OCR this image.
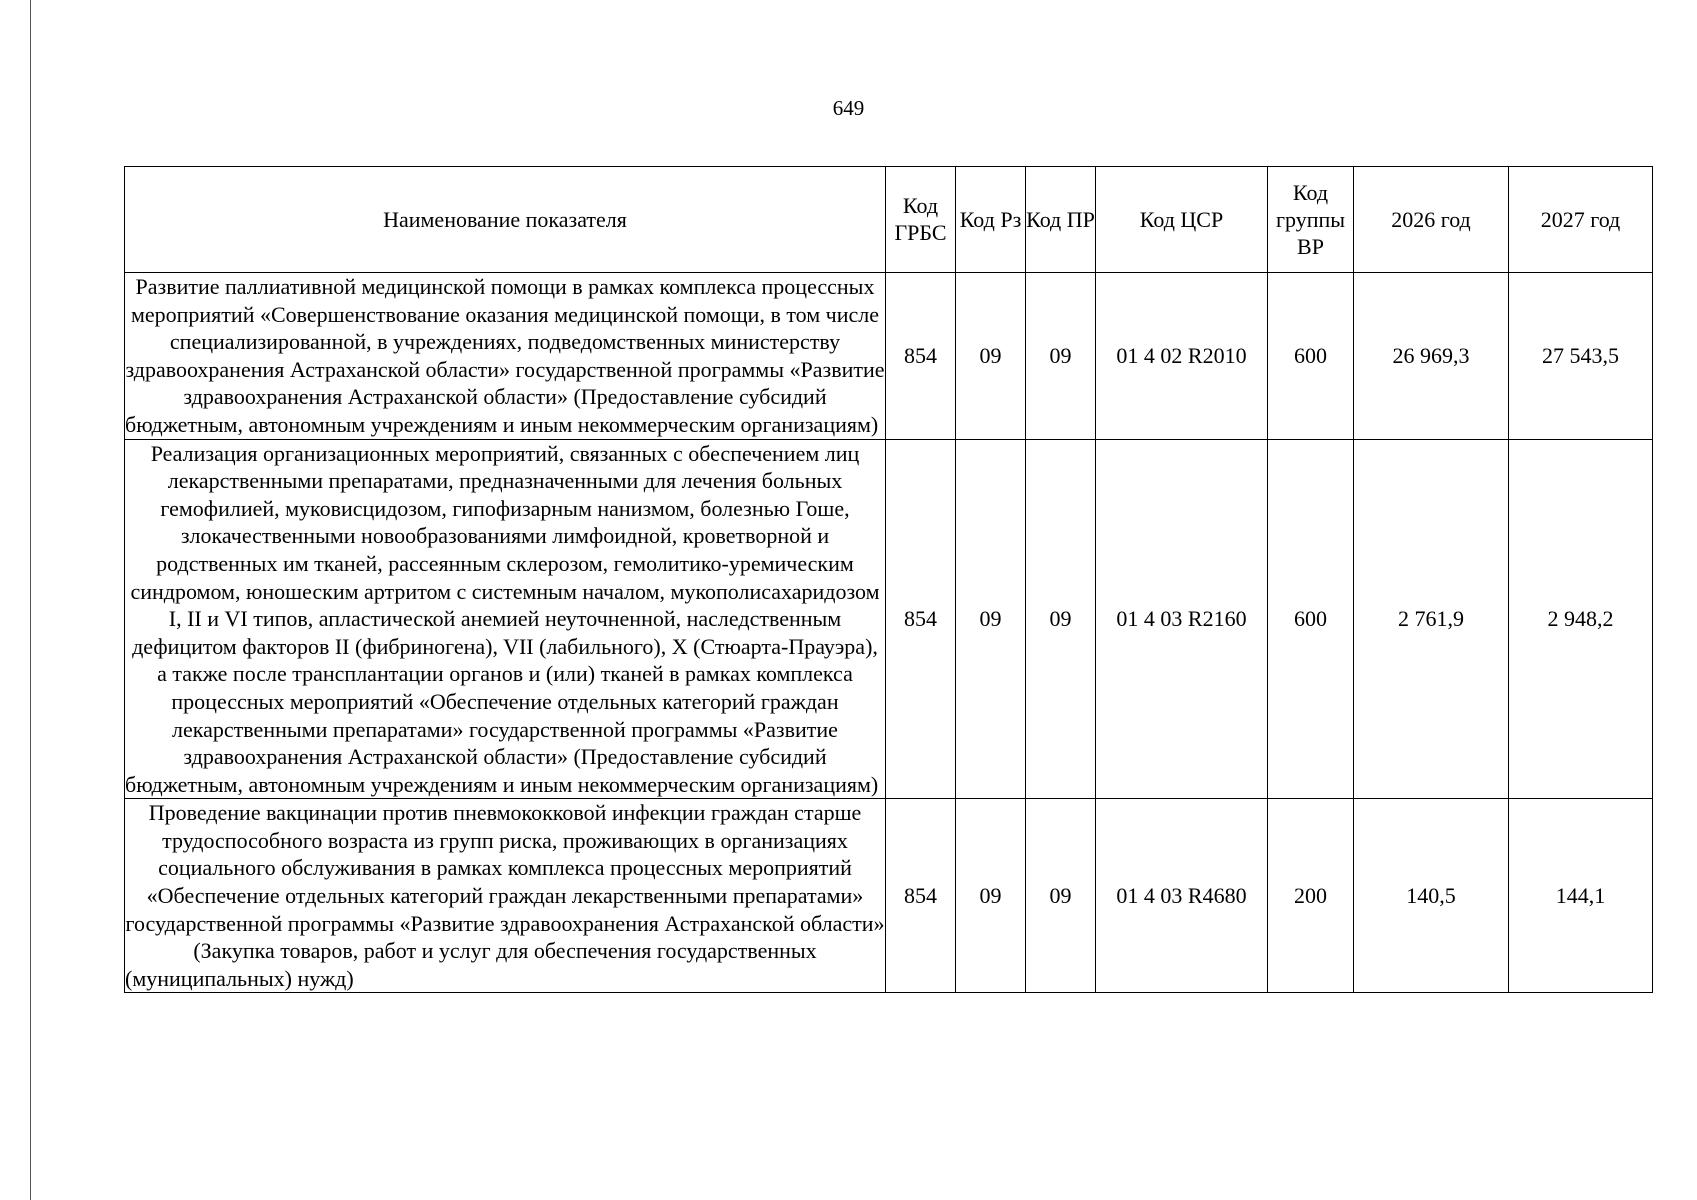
649
Наименование показателя	Код ГРБС	Код Рз	Код ПР	Код ЦСР	Код группы ВР	2026 год	2027 год
Развитие паллиативной медицинской помощи в рамках комплекса процессных мероприятий «Совершенствование оказания медицинской помощи, в том числе специализированной, в учреждениях, подведомственных министерству здравоохранения Астраханской области» государственной программы «Развитие здравоохранения Астраханской области» (Предоставление субсидий бюджетным, автономным учреждениям и иным некоммерческим организациям)	854	09	09	01 4 02 R2010	600	26 969,3	27 543,5
Реализация организационных мероприятий, связанных с обеспечением лиц лекарственными препаратами, предназначенными для лечения больных гемофилией, муковисцидозом, гипофизарным нанизмом, болезнью Гоше, злокачественными новообразованиями лимфоидной, кроветворной и родственных им тканей, рассеянным склерозом, гемолитико-уремическим синдромом, юношеским артритом с системным началом, мукополисахаридозом I, II и VI типов, апластической анемией неуточненной, наследственным дефицитом факторов II (фибриногена), VII (лабильного), X (Стюарта-Прауэра), а также после трансплантации органов и (или) тканей в рамках комплекса процессных мероприятий «Обеспечение отдельных категорий граждан лекарственными препаратами» государственной программы «Развитие здравоохранения Астраханской области» (Предоставление субсидий бюджетным, автономным учреждениям и иным некоммерческим организациям)	854	09	09	01 4 03 R2160	600	2 761,9	2 948,2
Проведение вакцинации против пневмококковой инфекции граждан старше трудоспособного возраста из групп риска, проживающих в организациях социального обслуживания в рамках комплекса процессных мероприятий «Обеспечение отдельных категорий граждан лекарственными препаратами» государственной программы «Развитие здравоохранения Астраханской области» (Закупка товаров, работ и услуг для обеспечения государственных (муниципальных) нужд)	854	09	09	01 4 03 R4680	200	140,5	144,1
